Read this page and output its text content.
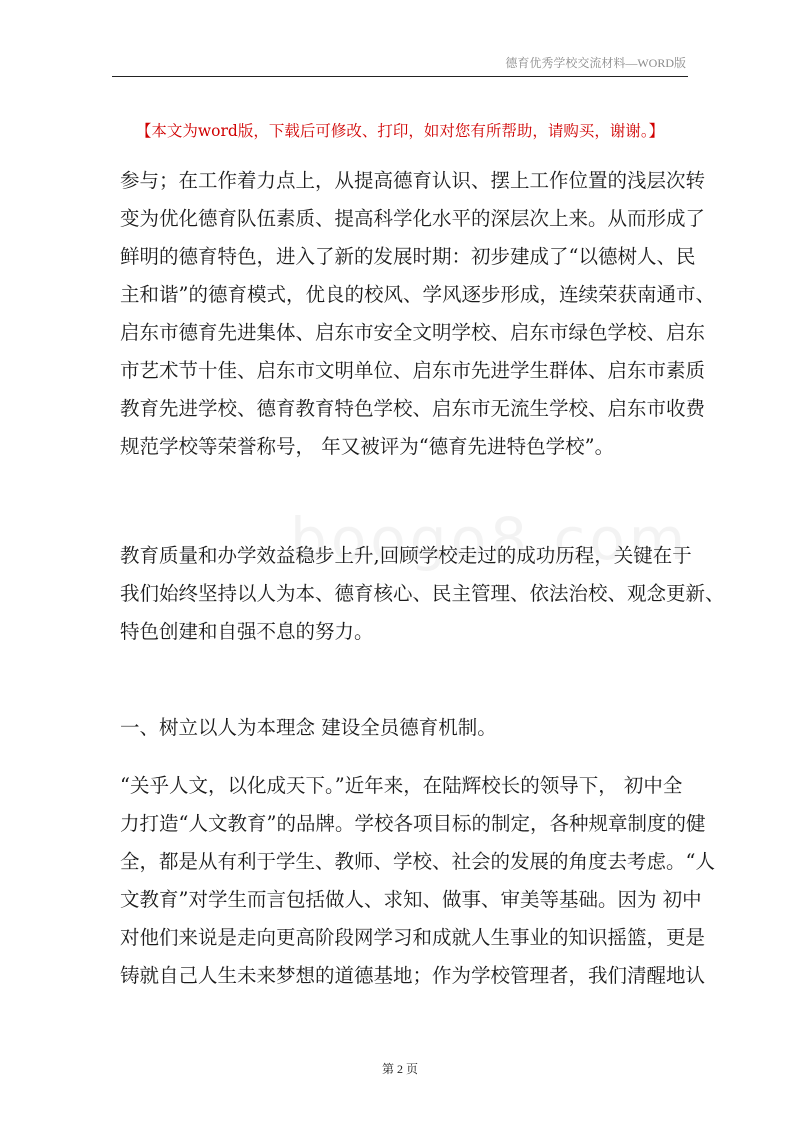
德育优秀学校交流材料—WORD版
【本文为word版，下载后可修改、打印，如对您有所帮助，请购买，谢谢。】
参与；在工作着力点上，从提高德育认识、摆上工作位置的浅层次转
变为优化德育队伍素质、提高科学化水平的深层次上来。从而形成了
鲜明的德育特色，进入了新的发展时期：初步建成了“以德树人、民
主和谐”的德育模式，优良的校风、学风逐步形成，连续荣获南通市、
启东市德育先进集体、启东市安全文明学校、启东市绿色学校、启东
市艺术节十佳、启东市文明单位、启东市先进学生群体、启东市素质
教育先进学校、德育教育特色学校、启东市无流生学校、启东市收费
规范学校等荣誉称号， 年又被评为“德育先进特色学校”。
教育质量和办学效益稳步上升,回顾学校走过的成功历程，关键在于
我们始终坚持以人为本、德育核心、民主管理、依法治校、观念更新、
特色创建和自强不息的努力。
一、树立以人为本理念 建设全员德育机制。
“关乎人文，以化成天下。”近年来，在陆辉校长的领导下， 初中全
力打造“人文教育”的品牌。学校各项目标的制定，各种规章制度的健
全，都是从有利于学生、教师、学校、社会的发展的角度去考虑。“人
文教育”对学生而言包括做人、求知、做事、审美等基础。因为 初中
对他们来说是走向更高阶段网学习和成就人生事业的知识摇篮，更是
铸就自己人生未来梦想的道德基地；作为学校管理者，我们清醒地认
第 2 页
